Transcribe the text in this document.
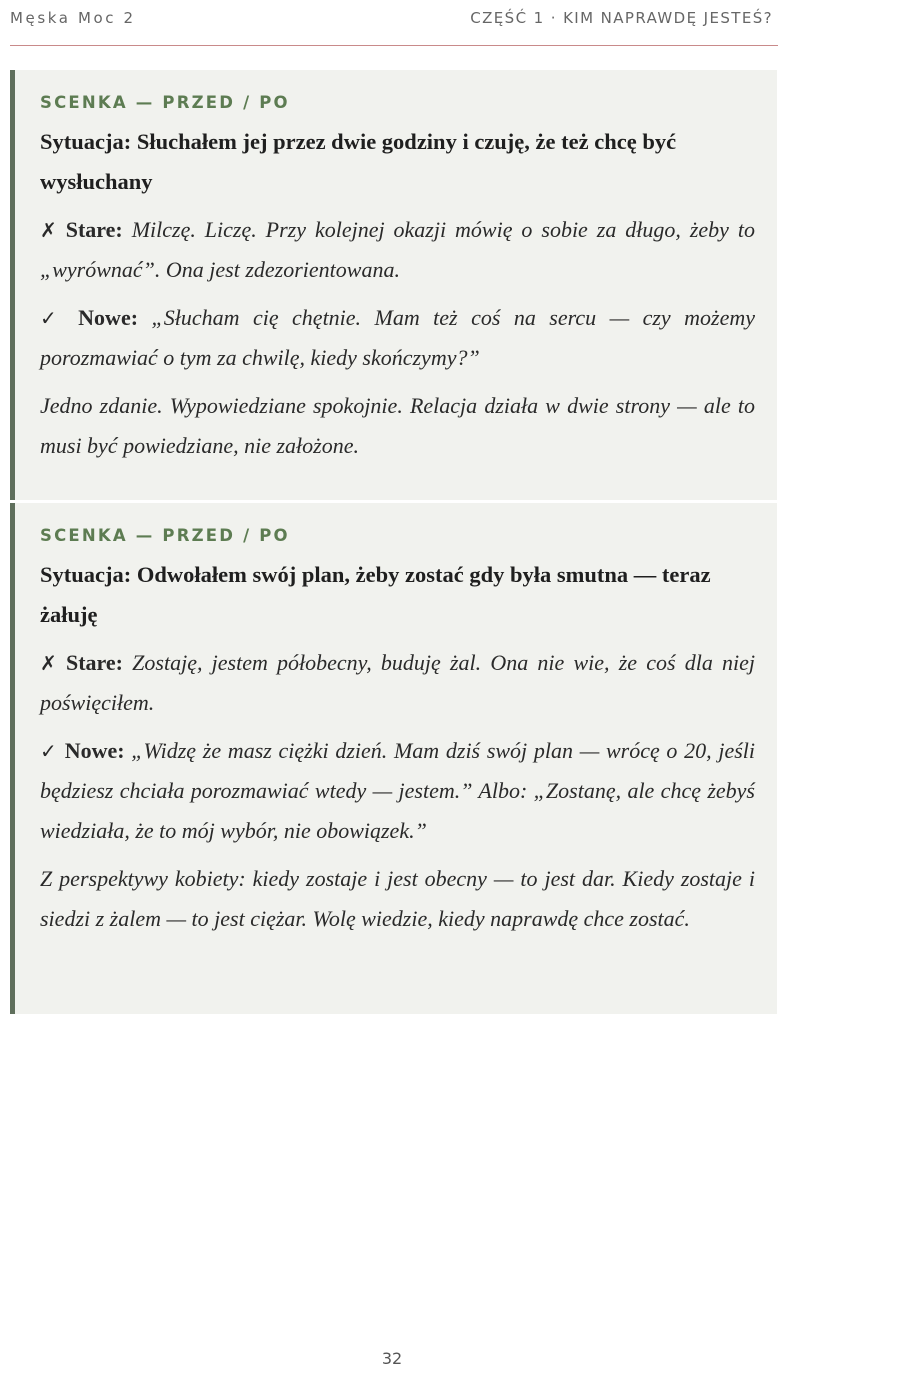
Męska Moc 2	CZĘŚĆ 1 · KIM NAPRAWDĘ JESTEŚ?
SCENKA — PRZED / PO
Sytuacja: Słuchałem jej przez dwie godziny i czuję, że też chcę być wysłuchany

✗ Stare: Milczę. Liczę. Przy kolejnej okazji mówię o sobie za długo, żeby to „wyrównać”. Ona jest zdezorientowana.

✓ Nowe: „Słucham cię chętnie. Mam też coś na sercu — czy możemy porozmawiać o tym za chwilę, kiedy skończymy?”

Jedno zdanie. Wypowiedziane spokojnie. Relacja działa w dwie strony — ale to musi być powiedziane, nie założone.

SCENKA — PRZED / PO
Sytuacja: Odwołałem swój plan, żeby zostać gdy była smutna — teraz żałuję

✗ Stare: Zostaję, jestem półobecny, buduję żal. Ona nie wie, że coś dla niej poświęciłem.

✓ Nowe: „Widzę że masz ciężki dzień. Mam dziś swój plan — wrócę o 20, jeśli będziesz chciała porozmawiać wtedy — jestem.” Albo: „Zostanę, ale chcę żebyś wiedziała, że to mój wybór, nie obowiązek.”

Z perspektywy kobiety: kiedy zostaje i jest obecny — to jest dar. Kiedy zostaje i siedzi z żalem — to jest ciężar. Wolę wiedzie, kiedy naprawdę chce zostać.

32
